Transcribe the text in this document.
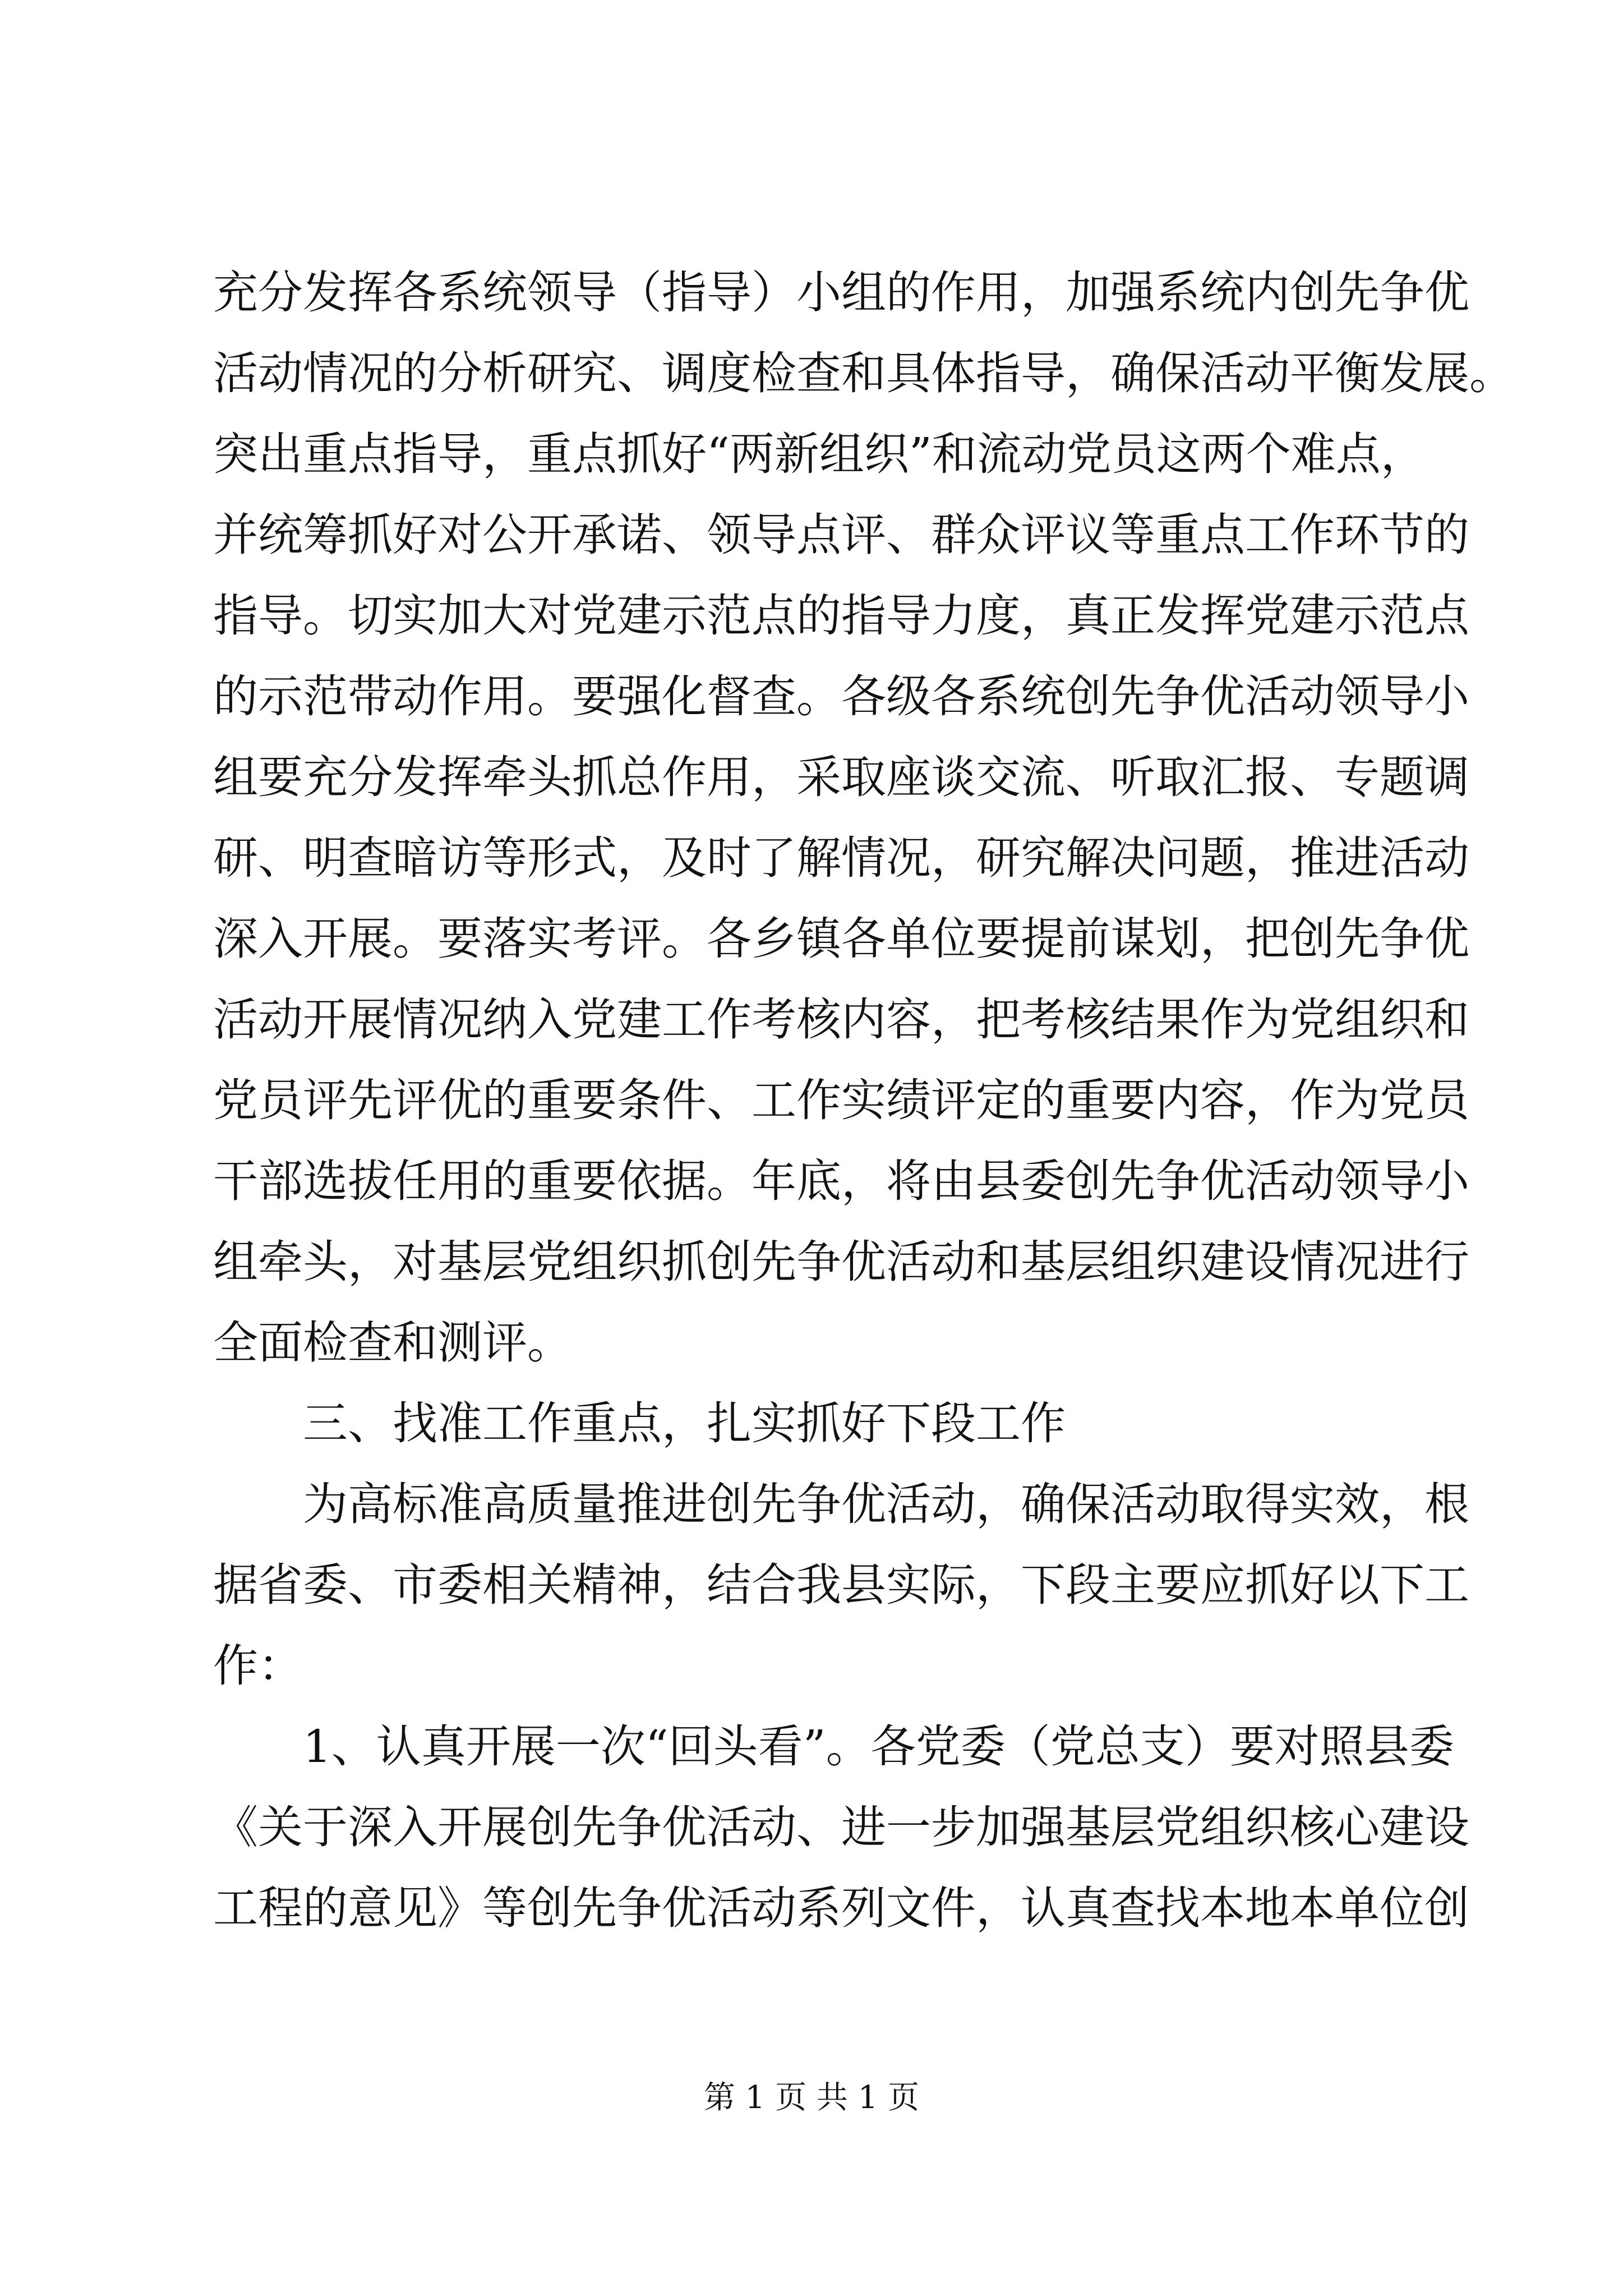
充分发挥各系统领导（指导）小组的作用，加强系统内创先争优
活动情况的分析研究、调度检查和具体指导，确保活动平衡发展。
突出重点指导，重点抓好“两新组织”和流动党员这两个难点，
并统筹抓好对公开承诺、领导点评、群众评议等重点工作环节的
指导。切实加大对党建示范点的指导力度，真正发挥党建示范点
的示范带动作用。要强化督查。各级各系统创先争优活动领导小
组要充分发挥牵头抓总作用，采取座谈交流、听取汇报、专题调
研、明查暗访等形式，及时了解情况，研究解决问题，推进活动
深入开展。要落实考评。各乡镇各单位要提前谋划，把创先争优
活动开展情况纳入党建工作考核内容，把考核结果作为党组织和
党员评先评优的重要条件、工作实绩评定的重要内容，作为党员
干部选拔任用的重要依据。年底，将由县委创先争优活动领导小
组牵头，对基层党组织抓创先争优活动和基层组织建设情况进行
全面检查和测评。
三、找准工作重点，扎实抓好下段工作
为高标准高质量推进创先争优活动，确保活动取得实效，根
据省委、市委相关精神，结合我县实际，下段主要应抓好以下工
作：
1、认真开展一次“回头看”。各党委（党总支）要对照县委
《关于深入开展创先争优活动、进一步加强基层党组织核心建设
工程的意见》等创先争优活动系列文件，认真查找本地本单位创
第 1 页 共 1 页
